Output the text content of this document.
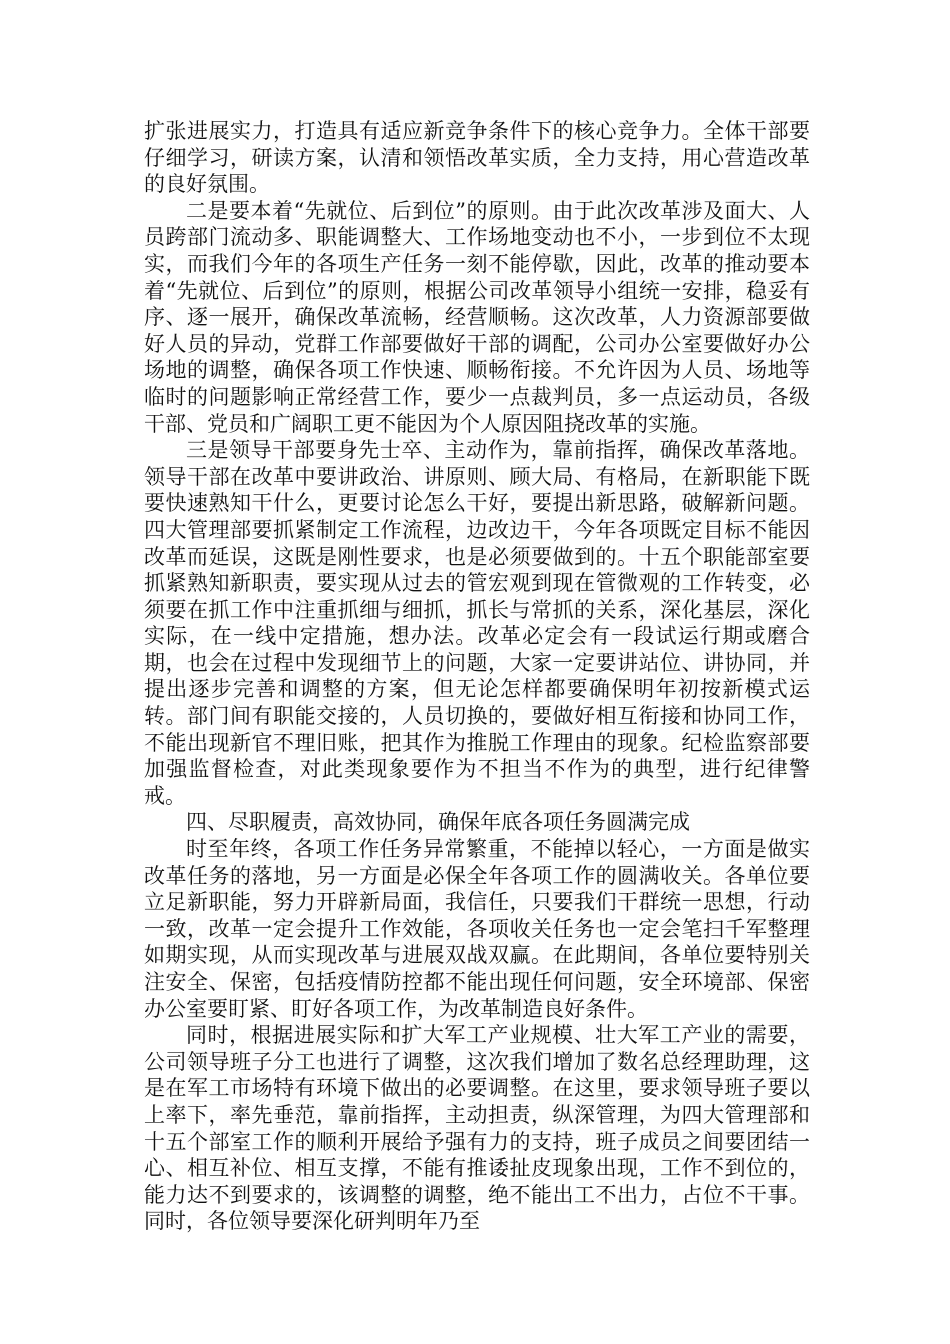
扩张进展实力，打造具有适应新竞争条件下的核心竞争力。全体干部要仔细学习，研读方案，认清和领悟改革实质，全力支持，用心营造改革的良好氛围。

二是要本着“先就位、后到位”的原则。由于此次改革涉及面大、人员跨部门流动多、职能调整大、工作场地变动也不小，一步到位不太现实，而我们今年的各项生产任务一刻不能停歇，因此，改革的推动要本着“先就位、后到位”的原则，根据公司改革领导小组统一安排，稳妥有序、逐一展开，确保改革流畅，经营顺畅。这次改革，人力资源部要做好人员的异动，党群工作部要做好干部的调配，公司办公室要做好办公场地的调整，确保各项工作快速、顺畅衔接。不允许因为人员、场地等临时的问题影响正常经营工作，要少一点裁判员，多一点运动员，各级干部、党员和广阔职工更不能因为个人原因阻挠改革的实施。

三是领导干部要身先士卒、主动作为，靠前指挥，确保改革落地。领导干部在改革中要讲政治、讲原则、顾大局、有格局，在新职能下既要快速熟知干什么，更要讨论怎么干好，要提出新思路，破解新问题。四大管理部要抓紧制定工作流程，边改边干，今年各项既定目标不能因改革而延误，这既是刚性要求，也是必须要做到的。十五个职能部室要抓紧熟知新职责，要实现从过去的管宏观到现在管微观的工作转变，必须要在抓工作中注重抓细与细抓，抓长与常抓的关系，深化基层，深化实际，在一线中定措施，想办法。改革必定会有一段试运行期或磨合期，也会在过程中发现细节上的问题，大家一定要讲站位、讲协同，并提出逐步完善和调整的方案，但无论怎样都要确保明年初按新模式运转。部门间有职能交接的，人员切换的，要做好相互衔接和协同工作，不能出现新官不理旧账，把其作为推脱工作理由的现象。纪检监察部要加强监督检查，对此类现象要作为不担当不作为的典型，进行纪律警戒。

四、尽职履责，高效协同，确保年底各项任务圆满完成

时至年终，各项工作任务异常繁重，不能掉以轻心，一方面是做实改革任务的落地，另一方面是必保全年各项工作的圆满收关。各单位要立足新职能，努力开辟新局面，我信任，只要我们干群统一思想，行动一致，改革一定会提升工作效能，各项收关任务也一定会笔扫千军整理如期实现，从而实现改革与进展双战双赢。在此期间，各单位要特别关注安全、保密，包括疫情防控都不能出现任何问题，安全环境部、保密办公室要盯紧、盯好各项工作，为改革制造良好条件。

同时，根据进展实际和扩大军工产业规模、壮大军工产业的需要，公司领导班子分工也进行了调整，这次我们增加了数名总经理助理，这是在军工市场特有环境下做出的必要调整。在这里，要求领导班子要以上率下，率先垂范，靠前指挥，主动担责，纵深管理，为四大管理部和十五个部室工作的顺利开展给予强有力的支持，班子成员之间要团结一心、相互补位、相互支撑，不能有推诿扯皮现象出现，工作不到位的，能力达不到要求的，该调整的调整，绝不能出工不出力，占位不干事。同时，各位领导要深化研判明年乃至
